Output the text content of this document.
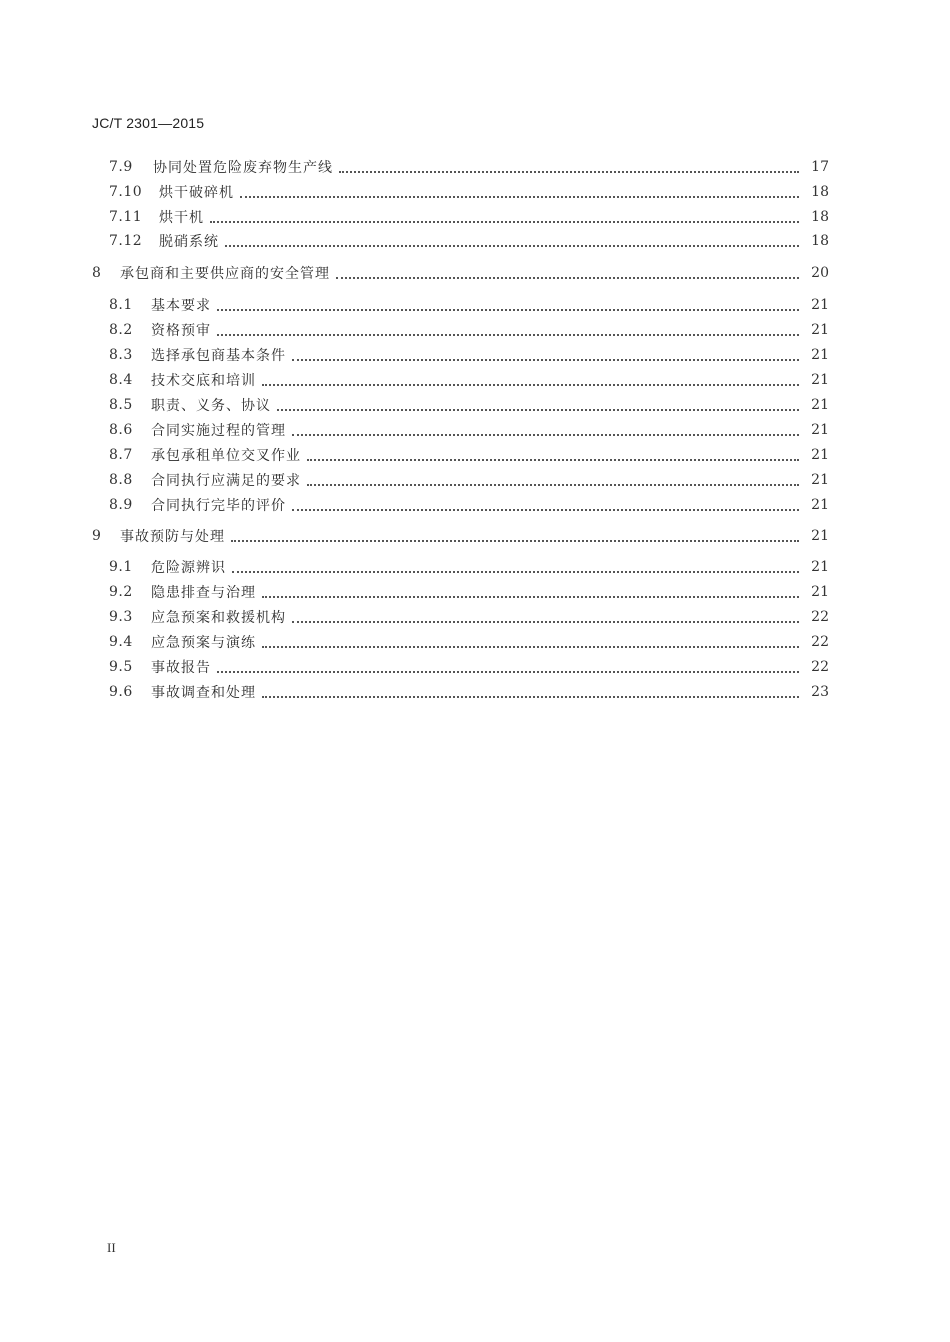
JC/T 2301—2015
7.9	协同处置危险废弃物生产线	17
7.10	烘干破碎机	18
7.11	烘干机	18
7.12	脱硝系统	18
8	承包商和主要供应商的安全管理	20
8.1	基本要求	21
8.2	资格预审	21
8.3	选择承包商基本条件	21
8.4	技术交底和培训	21
8.5	职责、义务、协议	21
8.6	合同实施过程的管理	21
8.7	承包承租单位交叉作业	21
8.8	合同执行应满足的要求	21
8.9	合同执行完毕的评价	21
9	事故预防与处理	21
9.1	危险源辨识	21
9.2	隐患排查与治理	21
9.3	应急预案和救援机构	22
9.4	应急预案与演练	22
9.5	事故报告	22
9.6	事故调查和处理	23
II
